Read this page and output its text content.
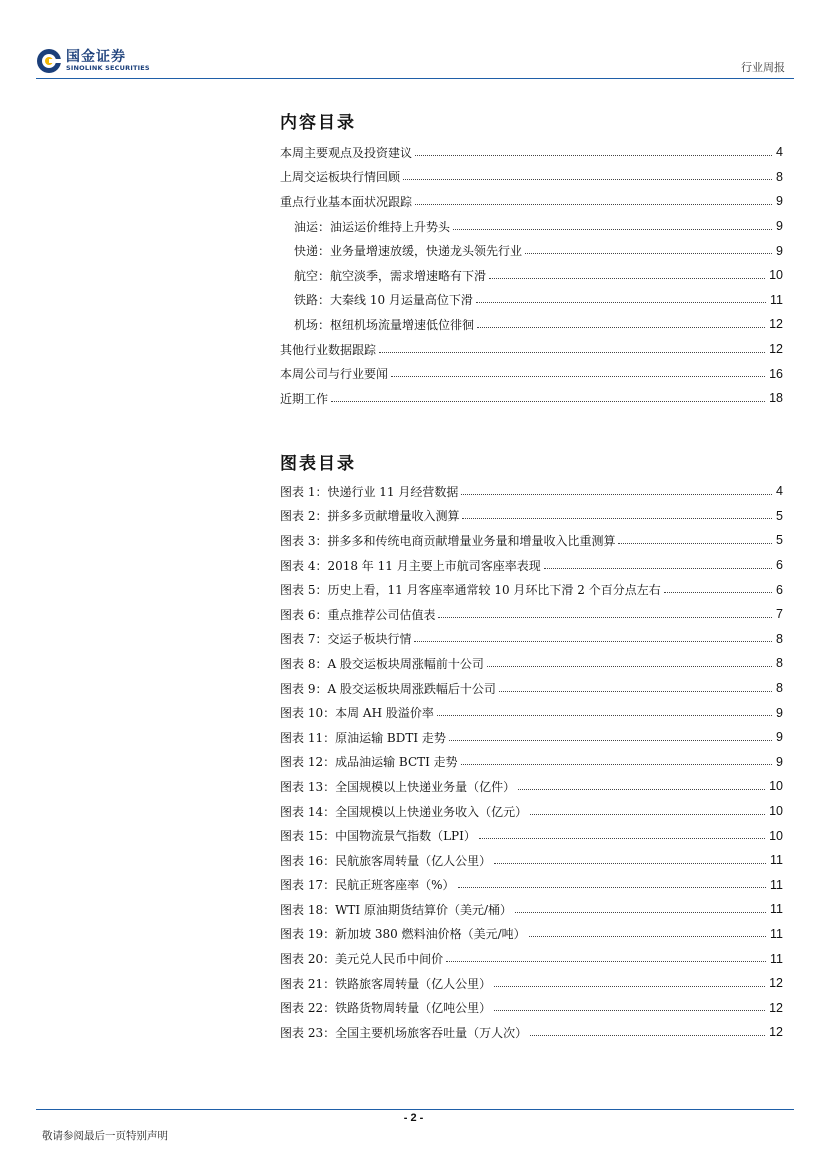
国金证券
SINOLINK SECURITIES	行业周报
内容目录
本周主要观点及投资建议	4
上周交运板块行情回顾	8
重点行业基本面状况跟踪	9
油运：油运运价维持上升势头	9
快递：业务量增速放缓，快递龙头领先行业	9
航空：航空淡季，需求增速略有下滑	10
铁路：大秦线 10 月运量高位下滑	11
机场：枢纽机场流量增速低位徘徊	12
其他行业数据跟踪	12
本周公司与行业要闻	16
近期工作	18
图表目录
图表 1：快递行业 11 月经营数据	4
图表 2：拼多多贡献增量收入测算	5
图表 3：拼多多和传统电商贡献增量业务量和增量收入比重测算	5
图表 4：2018 年 11 月主要上市航司客座率表现	6
图表 5：历史上看，11 月客座率通常较 10 月环比下滑 2 个百分点左右	6
图表 6：重点推荐公司估值表	7
图表 7：交运子板块行情	8
图表 8：A 股交运板块周涨幅前十公司	8
图表 9：A 股交运板块周涨跌幅后十公司	8
图表 10：本周 AH 股溢价率	9
图表 11：原油运输 BDTI 走势	9
图表 12：成品油运输 BCTI 走势	9
图表 13：全国规模以上快递业务量（亿件）	10
图表 14：全国规模以上快递业务收入（亿元）	10
图表 15：中国物流景气指数（LPI）	10
图表 16：民航旅客周转量（亿人公里）	11
图表 17：民航正班客座率（%）	11
图表 18：WTI 原油期货结算价（美元/桶）	11
图表 19：新加坡 380 燃料油价格（美元/吨）	11
图表 20：美元兑人民币中间价	11
图表 21：铁路旅客周转量（亿人公里）	12
图表 22：铁路货物周转量（亿吨公里）	12
图表 23：全国主要机场旅客吞吐量（万人次）	12
- 2 -
敬请参阅最后一页特别声明
